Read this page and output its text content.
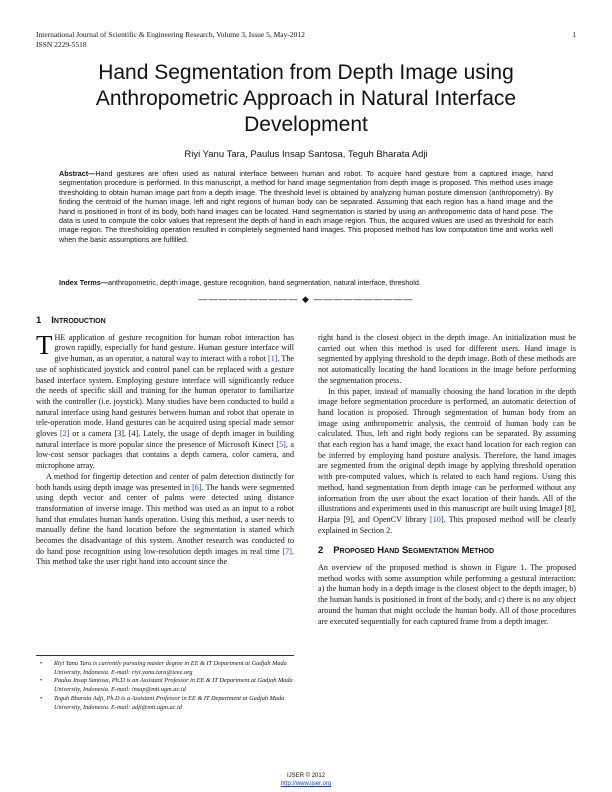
International Journal of Scientific & Engineering Research, Volume 3, Issue 5, May-2012
ISSN 2229-5518
1
Hand Segmentation from Depth Image using Anthropometric Approach in Natural Interface Development
Riyi Yanu Tara, Paulus Insap Santosa, Teguh Bharata Adji
Abstract—Hand gestures are often used as natural interface between human and robot. To acquire hand gesture from a captured image, hand segmentation procedure is performed. In this manuscript, a method for hand image segmentation from depth image is proposed. This method uses image thresholding to obtain human image part from a depth image. The threshold level is obtained by analyzing human posture dimension (anthropometry). By finding the centroid of the human image, left and right regions of human body can be separated. Assuming that each region has a hand image and the hand is positioned in front of its body, both hand images can be located. Hand segmentation is started by using an anthropometric data of hand pose. The data is used to compute the color values that represent the depth of hand in each image region. Thus, the acquired values are used as threshold for each image region. The thresholding operation resulted in completely segmented hand images. This proposed method has low computation time and works well when the basic assumptions are fulfilled.
Index Terms—anthropometric, depth image, gesture recognition, hand segmentation, natural interface, threshold.
—————————— ◆ ——————————
1 Introduction

THE application of gesture recognition for human robot interaction has grown rapidly, especially for hand gesture. Human gesture interface will give human, as an operator, a natural way to interact with a robot [1]. The use of sophisticated joystick and control panel can be replaced with a gesture based interface system. Employing gesture interface will significantly reduce the needs of specific skill and training for the human operator to familiarize with the controller (i.e. joystick). Many studies have been conducted to build a natural interface using hand gestures between human and robot that operate in tele-operation mode. Hand gestures can be acquired using special made sensor gloves [2] or a camera [3], [4]. Lately, the usage of depth imager in building natural interface is more popular since the presence of Microsoft Kinect [5], a low-cost sensor packages that contains a depth camera, color camera, and microphone array.

A method for fingertip detection and center of palm detection distinctly for both hands using depth image was presented in [6]. The hands were segmented using depth vector and center of palms were detected using distance transformation of inverse image. This method was used as an input to a robot hand that emulates human hands operation. Using this method, a user needs to manually define the hand location before the segmentation is started which becomes the disadvantage of this system. Another research was conducted to do hand pose recognition using low-resolution depth images in real time [7]. This method take the user right hand into account since the

right hand is the closest object in the depth image. An initialization must be carried out when this method is used for different users. Hand image is segmented by applying threshold to the depth image. Both of these methods are not automatically locating the hand locations in the image before performing the segmentation process.

In this paper, instead of manually choosing the hand location in the depth image before segmentation procedure is performed, an automatic detection of hand location is proposed. Through segmentation of human body from an image using anthropometric analysis, the centroid of human body can be calculated. Thus, left and right body regions can be separated. By assuming that each region has a hand image, the exact hand location for each region can be inferred by employing hand posture analysis. Therefore, the hand images are segmented from the original depth image by applying threshold operation with pre-computed values, which is related to each hand regions. Using this method, hand segmentation from depth image can be performed without any information from the user about the exact location of their hands. All of the illustrations and experiments used in this manuscript are built using ImageJ [8], Harpia [9], and OpenCV library [10]. This proposed method will be clearly explained in Section 2.

2 Proposed Hand Segmentation Method

An overview of the proposed method is shown in Figure 1. The proposed method works with some assumption while performing a gestural interaction: a) the human body in a depth image is the closest object to the depth imager, b) the human hands is positioned in front of the body, and c) there is no any object around the human that might occlude the human body. All of those procedures are executed sequentially for each captured frame from a depth imager.

• Riyi Yanu Tara is currently pursuing master degree in EE & IT Department at Gadjah Mada University, Indonesia. E-mail: riyi.yanu.tara@ieee.org
• Paulus Insap Santosa, Ph.D is an Assistant Professor in EE & IT Department at Gadjah Mada University, Indonesia. E-mail: insap@mti.ugm.ac.id
• Teguh Bharata Adji, Ph.D is a Assistant Professor in EE & IT Department at Gadjah Mada University, Indonesia. E-mail: adji@mti.ugm.ac.id
IJSER © 2012
http://www.ijser.org
